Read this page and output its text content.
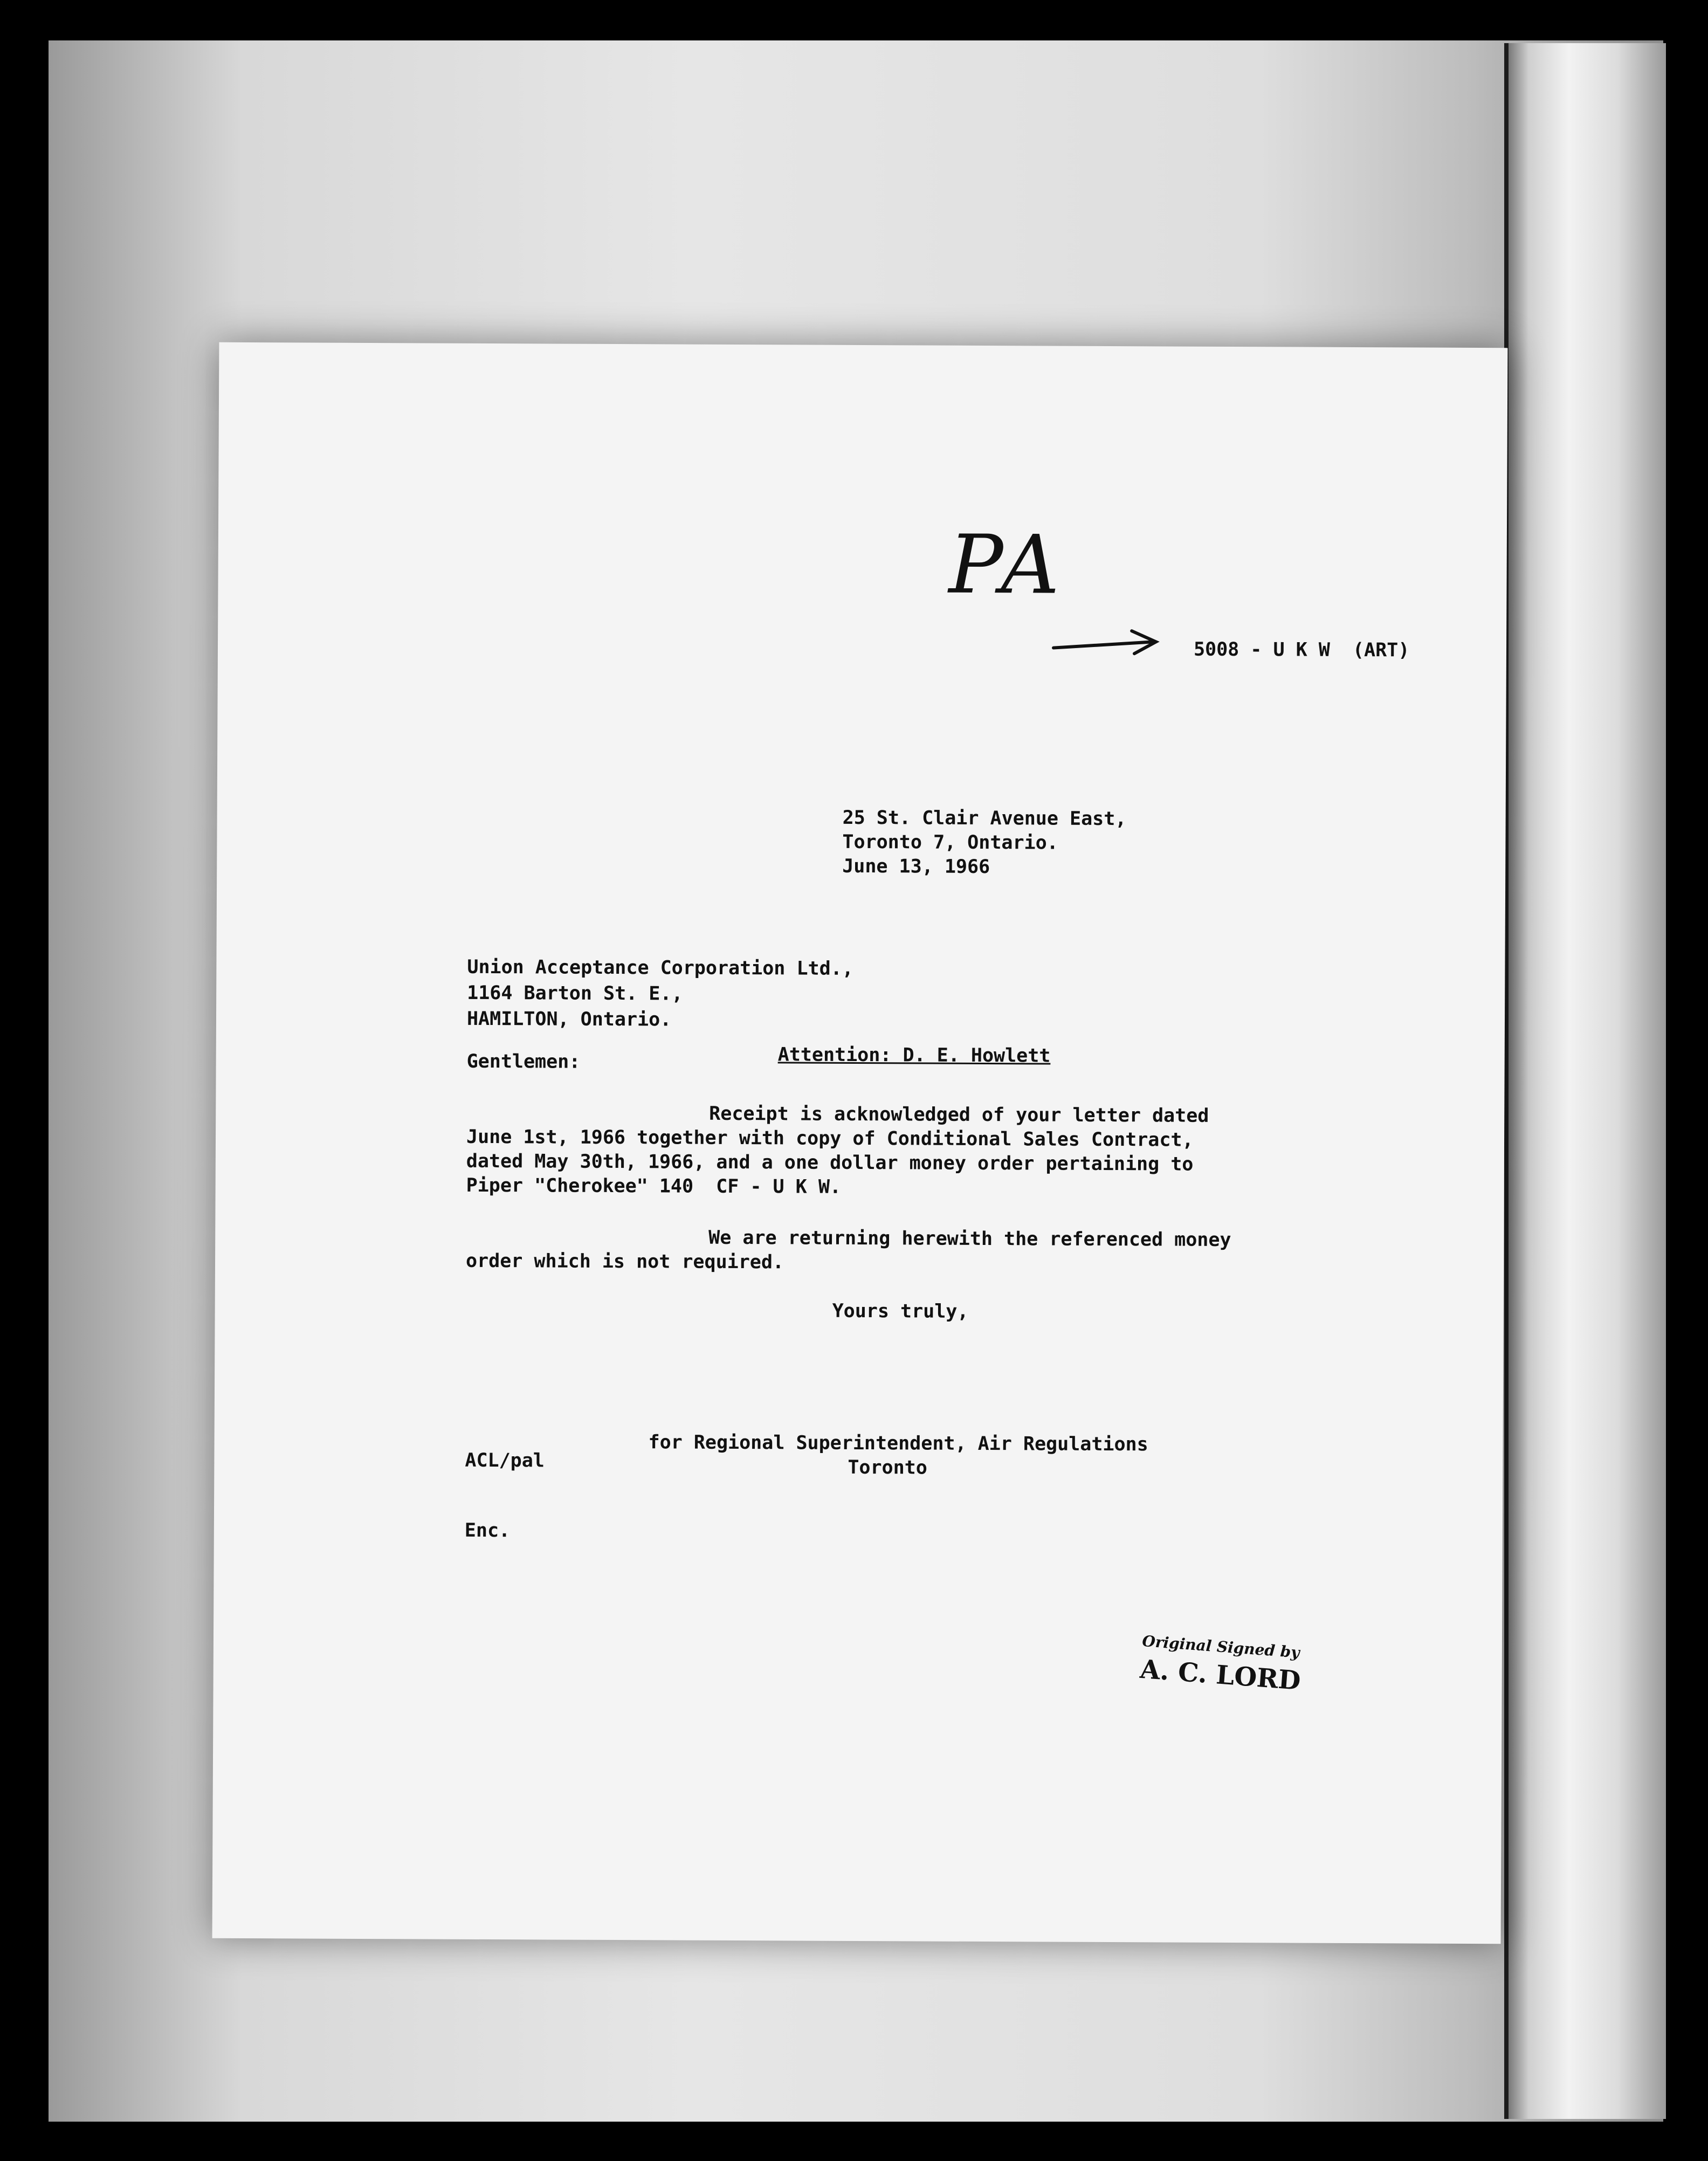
PA
5008 - U K W  (ART)
25 St. Clair Avenue East,
Toronto 7, Ontario.
June 13, 1966
Union Acceptance Corporation Ltd.,
1164 Barton St. E.,
HAMILTON, Ontario.
Gentlemen:	Attention: D. E. Howlett
Receipt is acknowledged of your letter dated
June 1st, 1966 together with copy of Conditional Sales Contract,
dated May 30th, 1966, and a one dollar money order pertaining to
Piper "Cherokee" 140  CF - U K W.
We are returning herewith the referenced money
order which is not required.
Yours truly,
for Regional Superintendent, Air Regulations
Toronto
ACL/pal
Enc.
Original Signed by
A. C. LORD
